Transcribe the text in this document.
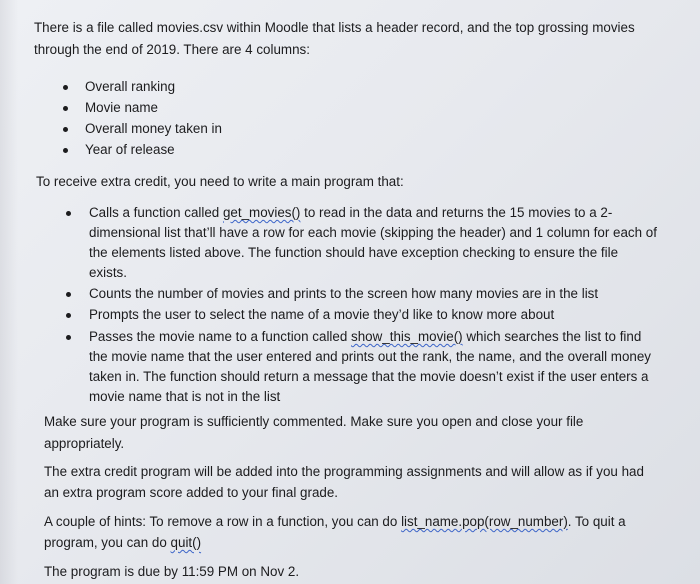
There is a file called movies.csv within Moodle that lists a header record, and the top grossing movies

through the end of 2019. There are 4 columns:

Overall ranking
Movie name
Overall money taken in
Year of release

To receive extra credit, you need to write a main program that:

Calls a function called get_movies() to read in the data and returns the 15 movies to a 2-

dimensional list that’ll have a row for each movie (skipping the header) and 1 column for each of

the elements listed above. The function should have exception checking to ensure the file

exists.

Counts the number of movies and prints to the screen how many movies are in the list

Prompts the user to select the name of a movie they’d like to know more about

Passes the movie name to a function called show_this_movie() which searches the list to find

the movie name that the user entered and prints out the rank, the name, and the overall money

taken in. The function should return a message that the movie doesn’t exist if the user enters a

movie name that is not in the list

Make sure your program is sufficiently commented. Make sure you open and close your file

appropriately.

The extra credit program will be added into the programming assignments and will allow as if you had

an extra program score added to your final grade.

A couple of hints: To remove a row in a function, you can do list_name.pop(row_number). To quit a

program, you can do quit()

The program is due by 11:59 PM on Nov 2.
